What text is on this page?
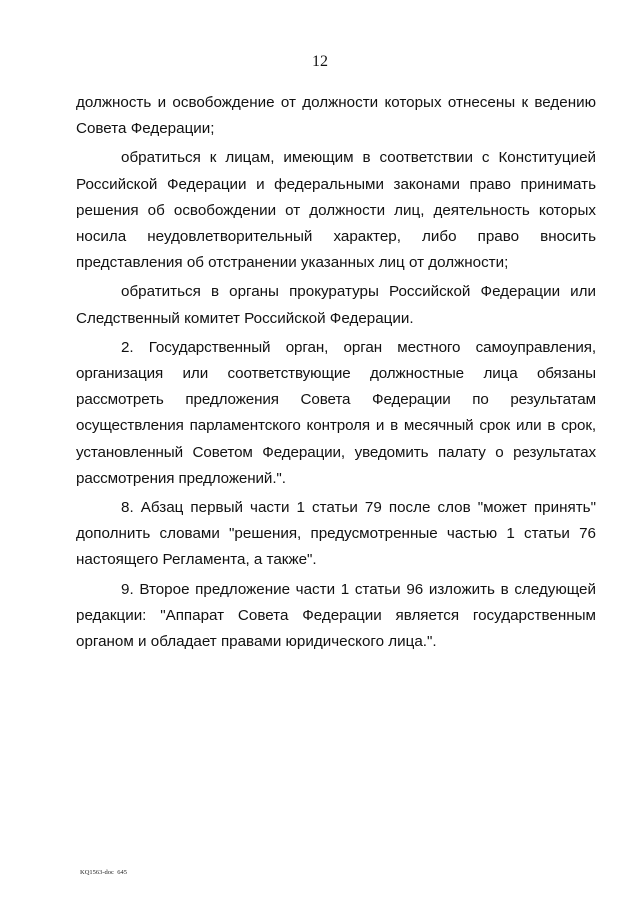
12

должность и освобождение от должности которых отнесены к ведению Совета Федерации;

обратиться к лицам, имеющим в соответствии с Конституцией Российской Федерации и федеральными законами право принимать решения об освобождении от должности лиц, деятельность которых носила неудовлетворительный характер, либо право вносить представления об отстранении указанных лиц от должности;

обратиться в органы прокуратуры Российской Федерации или Следственный комитет Российской Федерации.

2. Государственный орган, орган местного самоуправления, организация или соответствующие должностные лица обязаны рассмотреть предложения Совета Федерации по результатам осуществления парламентского контроля и в месячный срок или в срок, установленный Советом Федерации, уведомить палату о результатах рассмотрения предложений.".

8. Абзац первый части 1 статьи 79 после слов "может принять" дополнить словами "решения, предусмотренные частью 1 статьи 76 настоящего Регламента, а также".

9. Второе предложение части 1 статьи 96 изложить в следующей редакции: "Аппарат Совета Федерации является государственным органом и обладает правами юридического лица.".

KQ1563-doc  645
